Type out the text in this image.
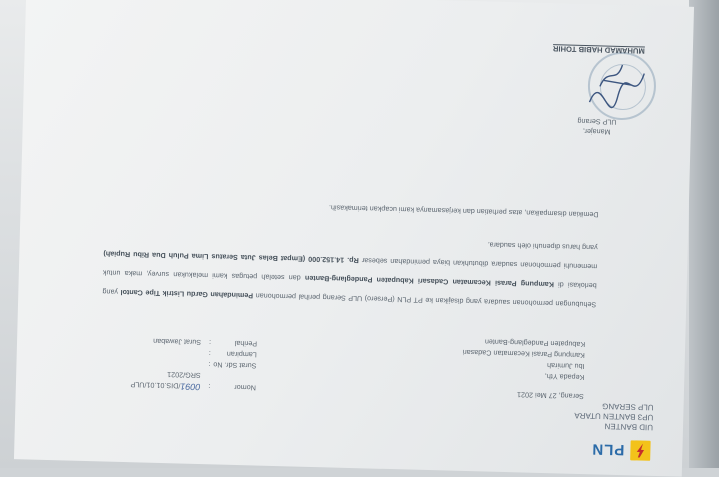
PLN
UID BANTEN
UP3 BANTEN UTARA
ULP SERANG
Serang, 27 Mei 2021
Kepada Yth,
Ibu Jumirah
Kampung Parasi Kecamatan Cadasari
Kabupaten Pandeglang-Banten
Nomor
:
0091/DIS.01.01/ULP SRG/2021
Surat Sdr. No
:
Lampiran
:
Perihal
:
Surat Jawaban

Sehubungan permohonan saudara yang disajikan ke PT PLN (Persero) ULP Serang perihal permohonan Pemindahan Gardu Listrik Tipe Cantol yang berlokasi di Kampung Parasi Kecamatan Cadasari Kabupaten Pandeglang-Banten dan setelah petugas kami melakukan survey, maka untuk memenuhi permohonan saudara dibutuhkan biaya pemindahan sebesar Rp. 14.152.000 (Empat Belas Juta Seratus Lima Puluh Dua Ribu Rupiah) yang harus dipenuhi oleh saudara.

Demikian disampaikan, atas perhatian dan kerjasamanya kami ucapkan terimakasih.

Manajer,
ULP Serang
MUHAMAD HABIB TOHIR
